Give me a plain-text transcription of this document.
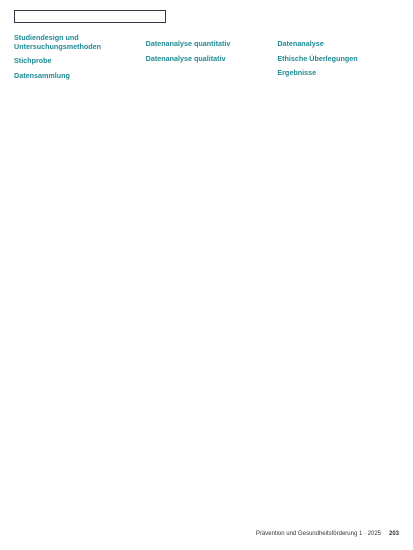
Studiendesign und Untersuchungsmethoden
Stichprobe
Datensammlung
Datenanalyse quantitativ
Datenanalyse qualitativ
Datenanalyse
Ethische Überlegungen
Ergebnisse
Prävention und Gesundheitsförderung 1 · 2025 203
